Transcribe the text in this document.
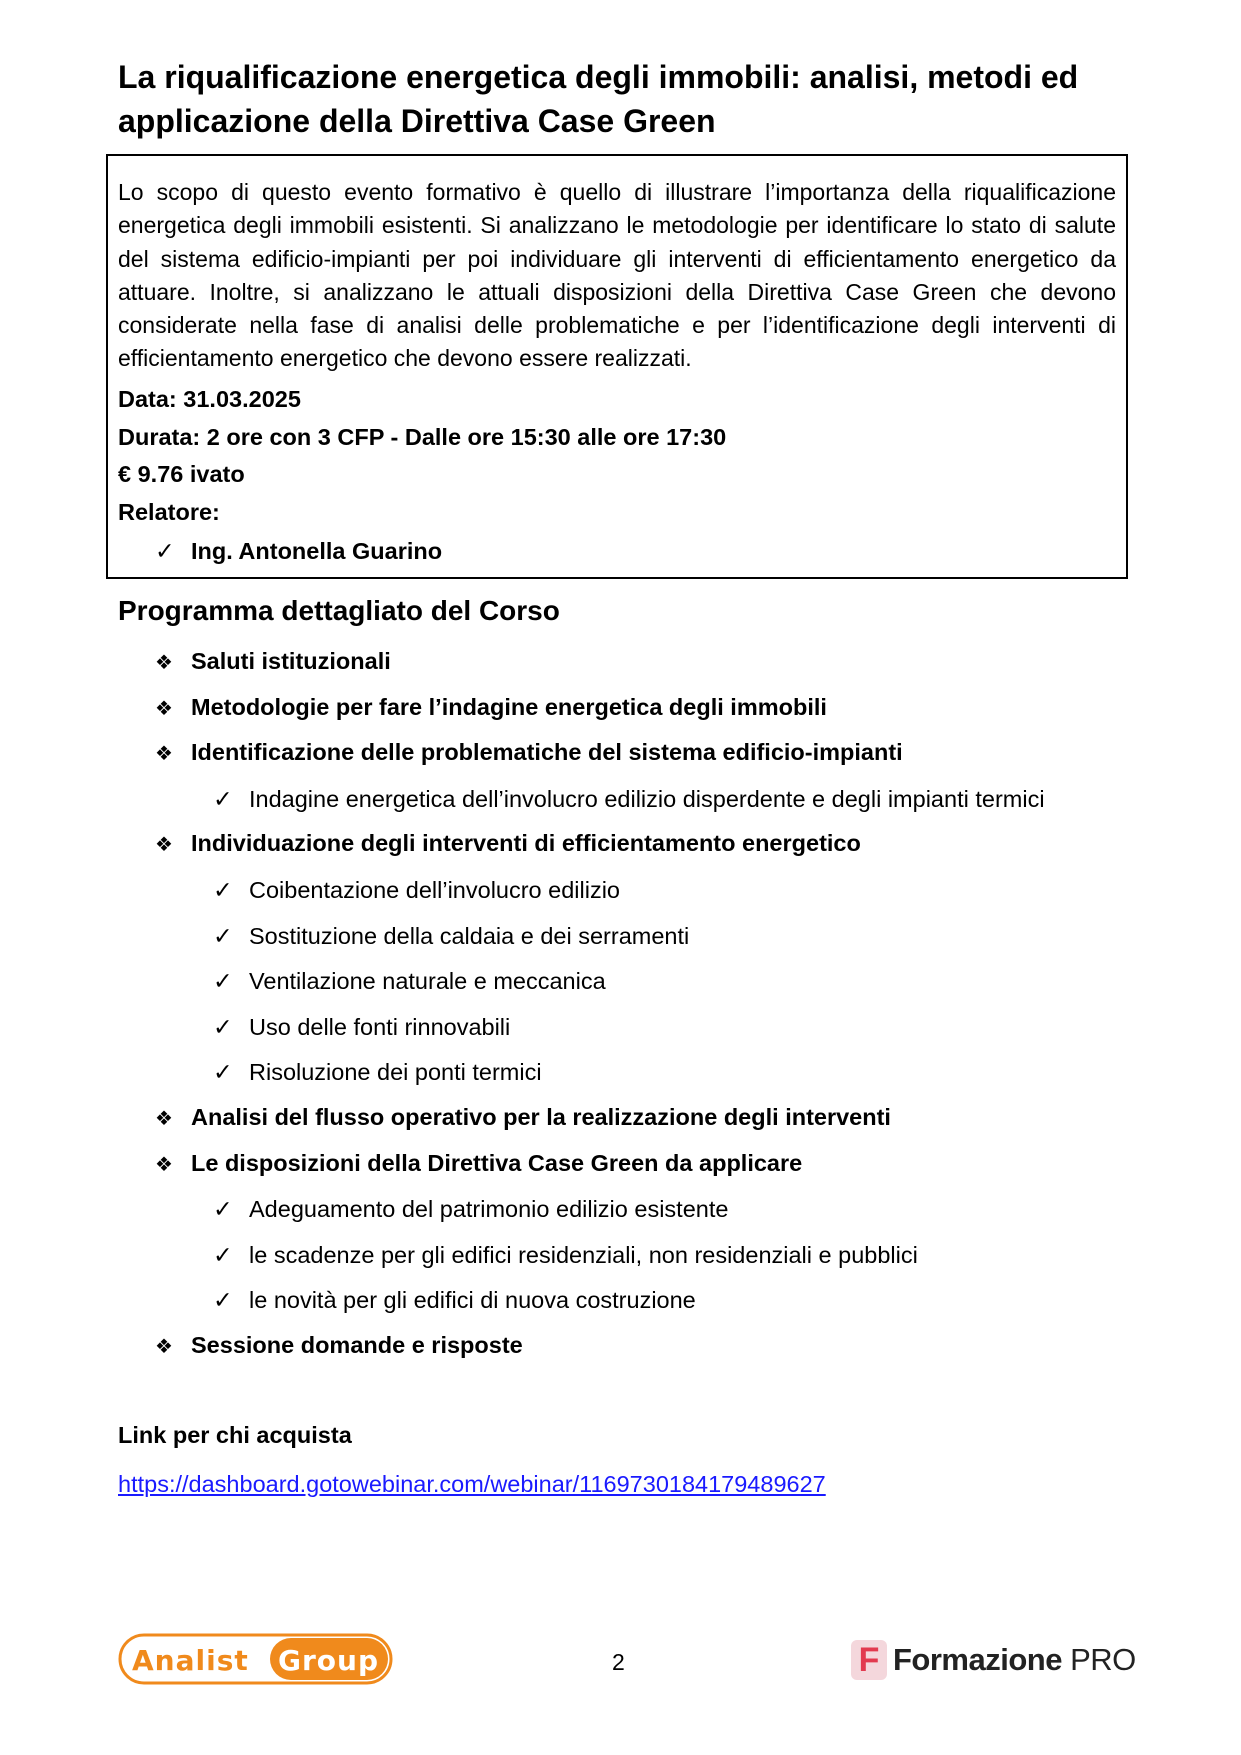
La riqualificazione energetica degli immobili: analisi, metodi ed applicazione della Direttiva Case Green

Lo scopo di questo evento formativo è quello di illustrare l’importanza della riqualificazione energetica degli immobili esistenti. Si analizzano le metodologie per identificare lo stato di salute del sistema edificio-impianti per poi individuare gli interventi di efficientamento energetico da attuare. Inoltre, si analizzano le attuali disposizioni della Direttiva Case Green che devono considerate nella fase di analisi delle problematiche e per l’identificazione degli interventi di efficientamento energetico che devono essere realizzati.

Data: 31.03.2025
Durata: 2 ore con 3 CFP - Dalle ore 15:30 alle ore 17:30
€ 9.76 ivato
Relatore:
✓ Ing. Antonella Guarino
Programma dettagliato del Corso
❖ Saluti istituzionali
❖ Metodologie per fare l’indagine energetica degli immobili
❖ Identificazione delle problematiche del sistema edificio-impianti
✓ Indagine energetica dell’involucro edilizio disperdente e degli impianti termici
❖ Individuazione degli interventi di efficientamento energetico
✓ Coibentazione dell’involucro edilizio
✓ Sostituzione della caldaia e dei serramenti
✓ Ventilazione naturale e meccanica
✓ Uso delle fonti rinnovabili
✓ Risoluzione dei ponti termici
❖ Analisi del flusso operativo per la realizzazione degli interventi
❖ Le disposizioni della Direttiva Case Green da applicare
✓ Adeguamento del patrimonio edilizio esistente
✓ le scadenze per gli edifici residenziali, non residenziali e pubblici
✓ le novità per gli edifici di nuova costruzione
❖ Sessione domande e risposte
Link per chi acquista
https://dashboard.gotowebinar.com/webinar/1169730184179489627
Analist Group	2	F Formazione PRO
